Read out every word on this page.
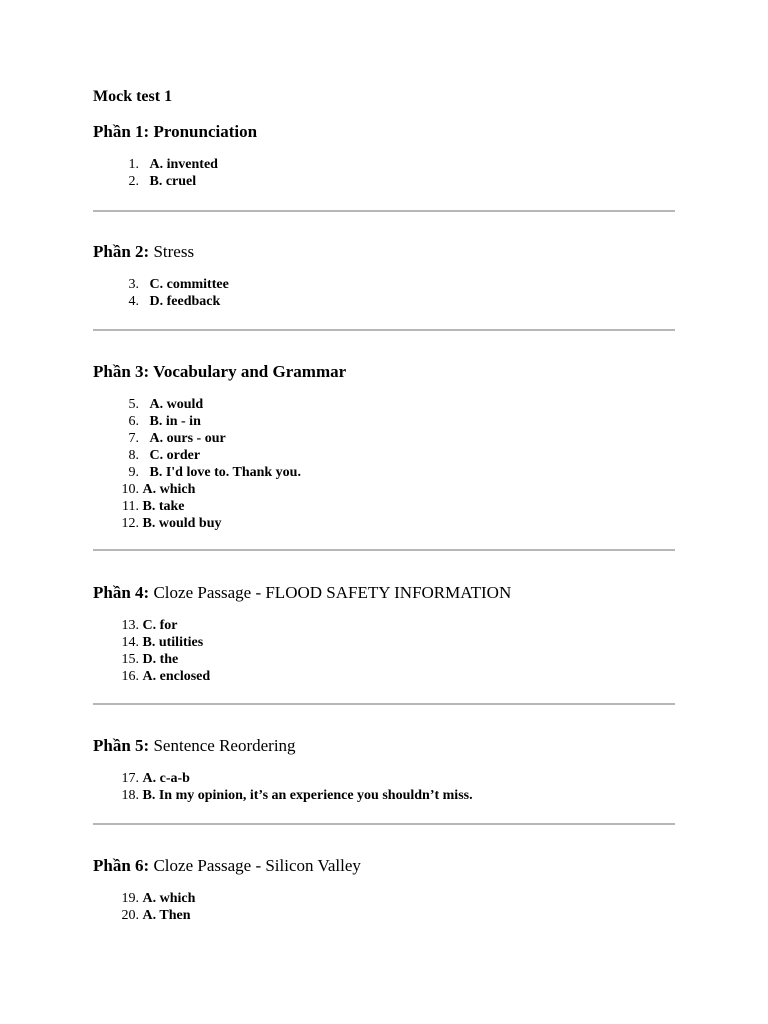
Mock test 1
Phần 1: Pronunciation
1. A. invented
2. B. cruel
Phần 2: Stress
3. C. committee
4. D. feedback
Phần 3: Vocabulary and Grammar
5. A. would
6. B. in - in
7. A. ours - our
8. C. order
9. B. I'd love to. Thank you.
10. A. which
11. B. take
12. B. would buy
Phần 4: Cloze Passage - FLOOD SAFETY INFORMATION
13. C. for
14. B. utilities
15. D. the
16. A. enclosed
Phần 5: Sentence Reordering
17. A. c-a-b
18. B. In my opinion, it’s an experience you shouldn’t miss.
Phần 6: Cloze Passage - Silicon Valley
19. A. which
20. A. Then
